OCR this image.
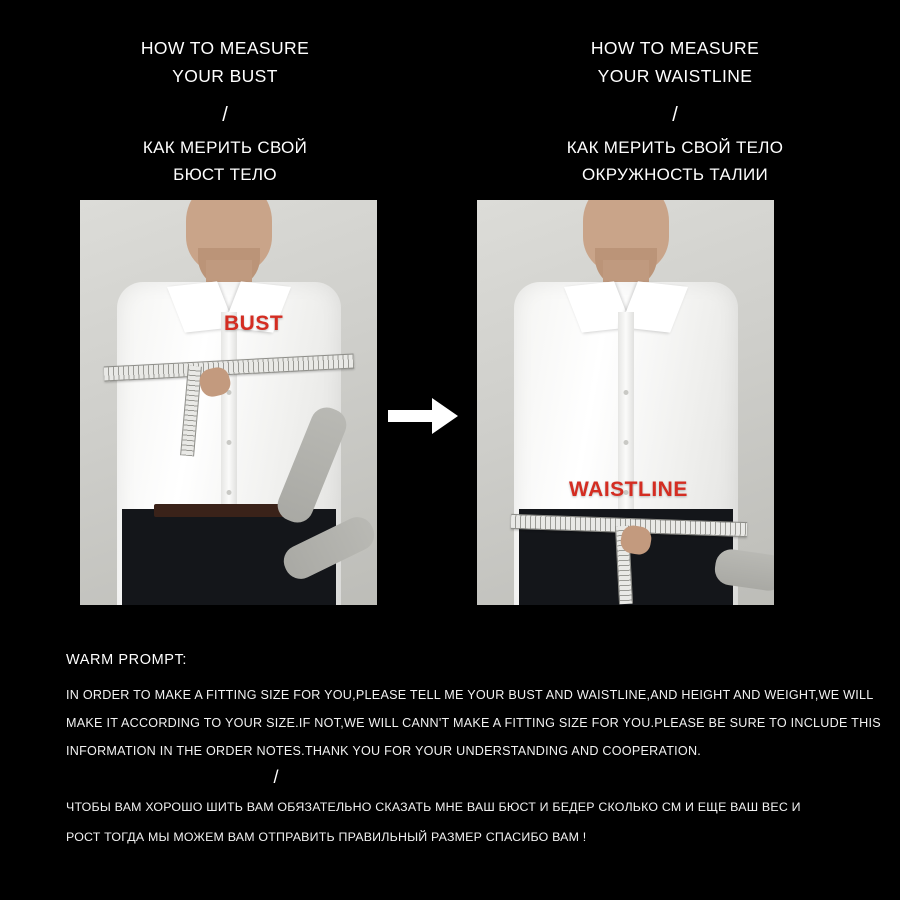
HOW TO MEASURE
YOUR BUST
/
КАК МЕРИТЬ СВОЙ
БЮСТ ТЕЛО
HOW TO MEASURE
YOUR WAISTLINE
/
КАК МЕРИТЬ СВОЙ ТЕЛО
ОКРУЖНОСТЬ ТАЛИИ
BUST
WAISTLINE
WARM PROMPT:
IN ORDER TO MAKE A FITTING SIZE FOR YOU,PLEASE TELL ME YOUR BUST AND WAISTLINE,AND HEIGHT AND WEIGHT,WE WILL
MAKE IT ACCORDING TO YOUR SIZE.IF NOT,WE WILL CANN'T MAKE A FITTING SIZE FOR YOU.PLEASE BE SURE TO INCLUDE THIS
INFORMATION IN THE ORDER NOTES.THANK YOU FOR YOUR UNDERSTANDING AND COOPERATION.
/
ЧТОБЫ ВАМ ХОРОШО ШИТЬ ВАМ ОБЯЗАТЕЛЬНО СКАЗАТЬ МНЕ ВАШ БЮСТ И БЕДЕР СКОЛЬКО СМ И ЕЩЕ ВАШ ВЕС И
РОСТ ТОГДА МЫ МОЖЕМ ВАМ ОТПРАВИТЬ ПРАВИЛЬНЫЙ РАЗМЕР СПАСИБО ВАМ !
